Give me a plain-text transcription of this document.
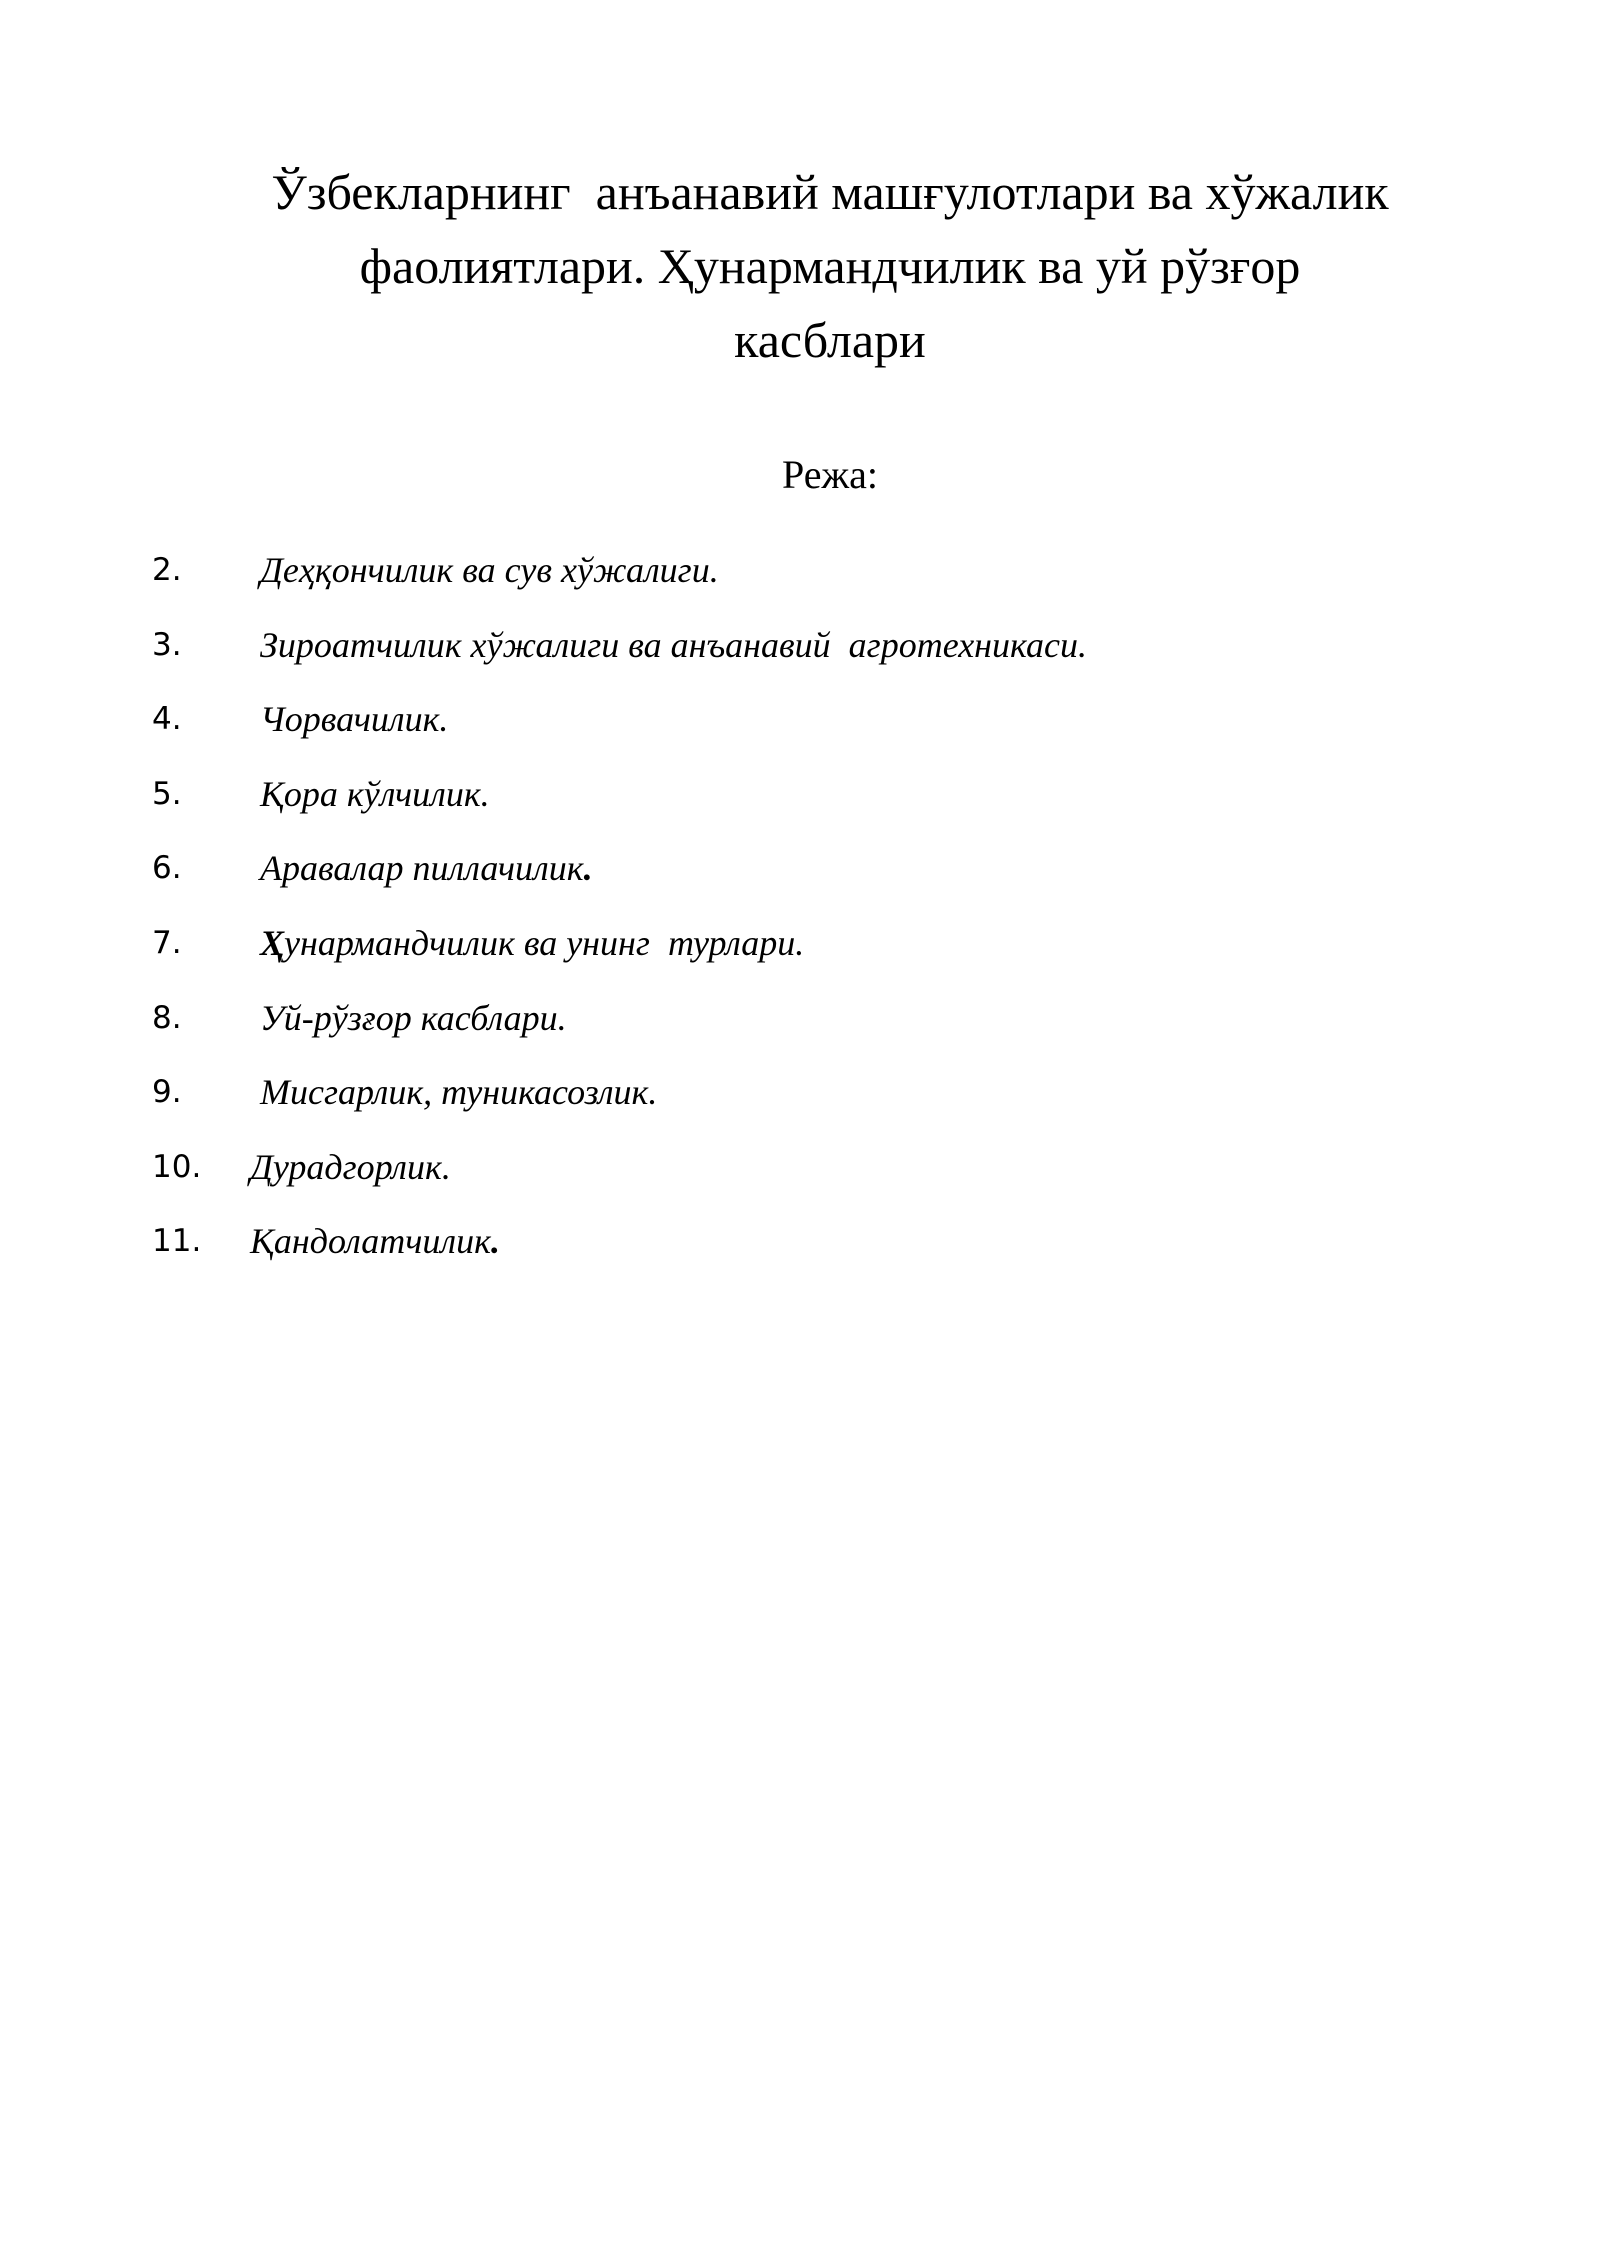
Ўзбекларнинг  анъанавий машғулотлари ва хўжалик
фаолиятлари. Ҳунармандчилик ва уй рўзғор
касблари

Режа:

2. Деҳқончилик ва сув хўжалиги.
3. Зироатчилик хўжалиги ва анъанавий  агротехникаси.
4. Чорвачилик.
5. Қора кўлчилик.
6. Аравалар пиллачилик.
7. Ҳунармандчилик ва унинг  турлари.
8. Уй-рўзғор касблари.
9. Мисгарлик, туникасозлик.
10. Дурадгорлик.
11. Қандолатчилик.
